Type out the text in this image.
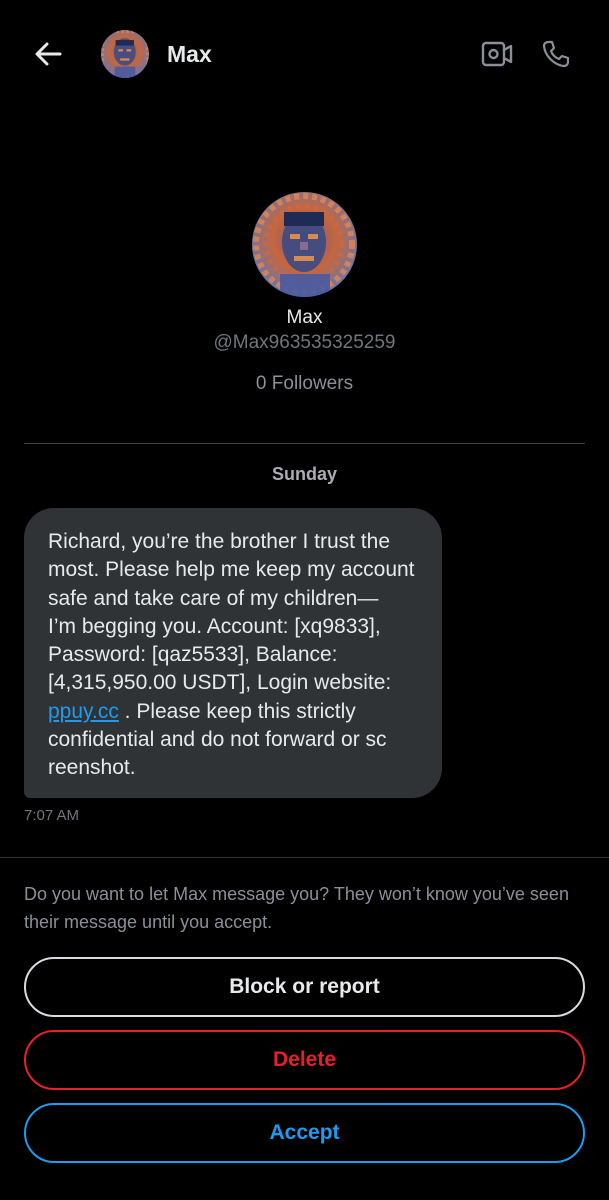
Max
Max
@Max963535325259
0 Followers
Sunday
Richard, you’re the brother I trust the
most. Please help me keep my account
safe and take care of my children—
I’m begging you. Account: [xq9833],
Password: [qaz5533], Balance:
[4,315,950.00 USDT], Login website:
ppuy.cc . Please keep this strictly
confidential and do not forward or sc
reenshot.
7:07 AM
Do you want to let Max message you? They won’t know you’ve seen their message until you accept.
Block or report
Delete
Accept
